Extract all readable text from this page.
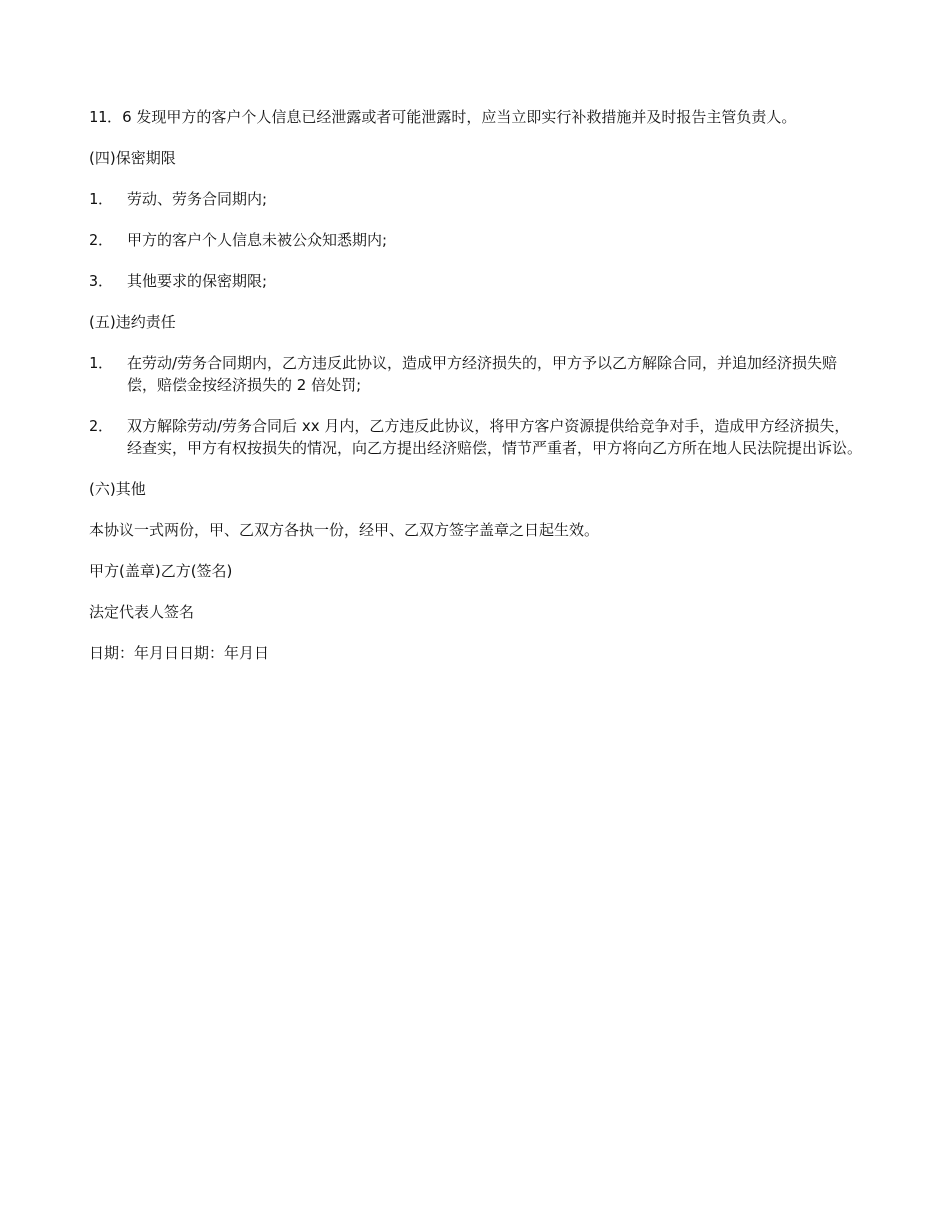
11．6 发现甲方的客户个人信息已经泄露或者可能泄露时，应当立即实行补救措施并及时报告主管负责人。

(四)保密期限

1． 劳动、劳务合同期内;
2． 甲方的客户个人信息未被公众知悉期内;
3． 其他要求的保密期限;

(五)违约责任

1． 在劳动/劳务合同期内，乙方违反此协议，造成甲方经济损失的，甲方予以乙方解除合同，并追加经济损失赔偿，赔偿金按经济损失的 2 倍处罚;
2． 双方解除劳动/劳务合同后 xx 月内，乙方违反此协议，将甲方客户资源提供给竞争对手，造成甲方经济损失，经查实，甲方有权按损失的情况，向乙方提出经济赔偿，情节严重者，甲方将向乙方所在地人民法院提出诉讼。

(六)其他

本协议一式两份，甲、乙双方各执一份，经甲、乙双方签字盖章之日起生效。

甲方(盖章)乙方(签名)

法定代表人签名

日期：年月日日期：年月日
